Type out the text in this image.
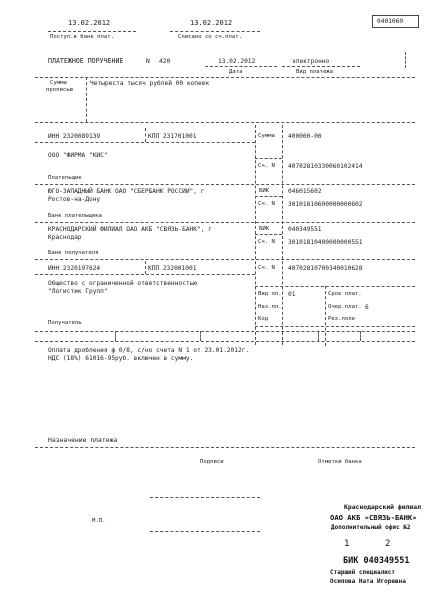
13.02.2012	13.02.2012	0401060
Поступ.в банк плат.	Списано со сч.плат.
ПЛАТЕЖНОЕ ПОРУЧЕНИЕ	N 420	13.02.2012	электронно
Дата	Вид платежа
Сумма
прописью
Четыреста тысяч рублей 00 копеек
ИНН 2320089139	КПП 231701001
ООО "ФИРМА "КИС"
Сумма 400000-00
Сч. N 40702810330060102414
Плательщик
ЮГО-ЗАПАДНЫЙ БАНК ОАО "СБЕРБАНК РОССИИ", г
Ростов-на-Дону
БИК	046015602
Сч. N 30101810600000000602
Банк плательщика
КРАСНОДАРСКИЙ ФИЛИАЛ ОАО АКБ "СВЯЗЬ-БАНК", г
Краснодар
БИК	040349551
Сч. N 30101810400000000551
Банк получателя
ИНН 2320197624	КПП 232001001	Сч. N 40702810700340010628
Общество с ограниченной ответственностью
"Логистик Групп"	Вид оп. 01	Срок плат.
Наз.пл.	Очер.плат. 6
Код	Рез.поле
Получатель
Оплата дробления ф 0/8, с/но счета N 1 от 23.01.2012г.
НДС (18%) 61016-95руб. включен в сумму.
Назначение платежа
Подписи	Отметки банка
М.П.
Краснодарский филиал
ОАО АКБ «СВЯЗЬ-БАНК»
Дополнительный офис №2
1	2
БИК 040349551
Старший специалист
Осипова Ната Игоревна
